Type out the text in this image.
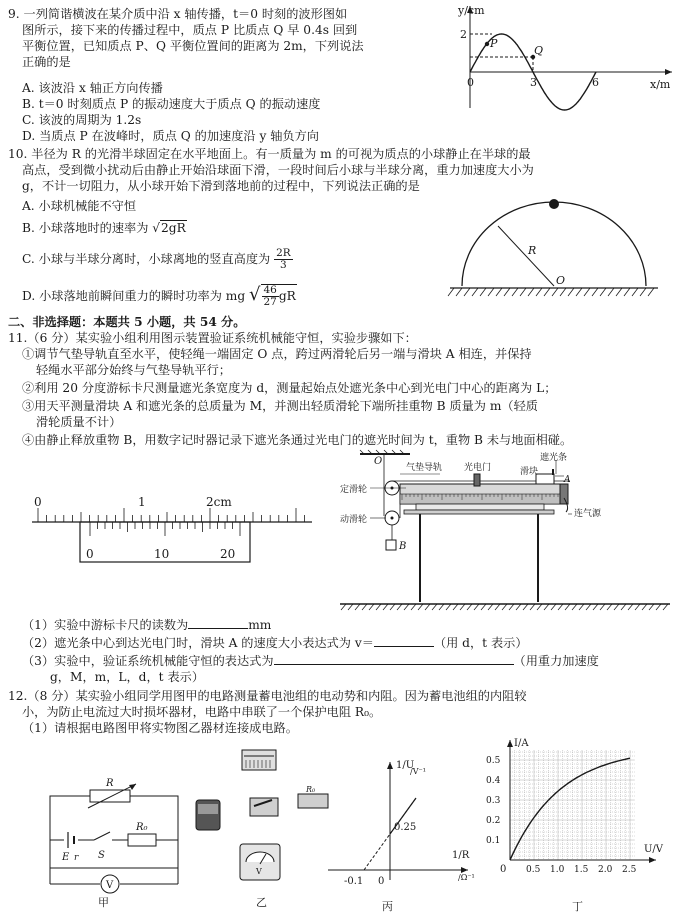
9. 一列简谐横波在某介质中沿 x 轴传播，t＝0 时刻的波形图如
图所示，接下来的传播过程中，质点 P 比质点 Q 早 0.4s 回到
平衡位置，已知质点 P、Q 平衡位置间的距离为 2m，下列说法
正确的是
A. 该波沿 x 轴正方向传播
B. t＝0 时刻质点 P 的振动速度大于质点 Q 的振动速度
C. 该波的周期为 1.2s
D. 当质点 P 在波峰时，质点 Q 的加速度沿 y 轴负方向
y/cm
x/m
2
0	3	6
P
Q
10. 半径为 R 的光滑半球固定在水平地面上。有一质量为 m 的可视为质点的小球静止在半球的最
高点，受到微小扰动后由静止开始沿球面下滑，一段时间后小球与半球分离，重力加速度大小为
g，不计一切阻力，从小球开始下滑到落地前的过程中，下列说法正确的是
A. 小球机械能不守恒
B. 小球落地时的速率为 √2gR
C. 小球与半球分离时，小球离地的竖直高度为 $\frac{2R}{3}$
D. 小球落地前瞬间重力的瞬时功率为 mg √ $\frac{46}{27}$ gR
R
O
二、非选择题：本题共 5 小题，共 54 分。
11.（6 分）某实验小组利用图示装置验证系统机械能守恒，实验步骤如下：
①调节气垫导轨直至水平，使轻绳一端固定 O 点，跨过两滑轮后另一端与滑块 A 相连，并保持
轻绳水平部分始终与气垫导轨平行；
②利用 20 分度游标卡尺测量遮光条宽度为 d，测量起始点处遮光条中心到光电门中心的距离为 L；
③用天平测量滑块 A 和遮光条的总质量为 M，并测出轻质滑轮下端所挂重物 B 质量为 m（轻质
滑轮质量不计）
④由静止释放重物 B，用数字记时器记录下遮光条通过光电门的遮光时间为 t，重物 B 未与地面相碰。
0	1	2cm
0	10	20
O
B
定滑轮
气垫导轨 光电门
遮光条
滑块
A
动滑轮
连气源
（1）实验中游标卡尺的读数为	mm
（2）遮光条中心到达光电门时，滑块 A 的速度大小表达式为 v＝	（用 d，t 表示）
（3）实验中，验证系统机械能守恒的表达式为	（用重力加速度
g，M，m，L，d，t 表示）
12.（8 分）某实验小组同学用图甲的电路测量蓄电池组的电动势和内阻。因为蓄电池组的内阻较
小，为防止电流过大时损坏器材，电路中串联了一个保护电阻 R₀。
（1）请根据电路图甲将实物图乙器材连接成电路。
R
E r S
R₀
V
甲
R₀
V
乙
1/U
/V⁻¹
1/R
/Ω⁻¹
0.25
-0.1 0
丙
I/A
U/V
0
0.1
0.2
0.3
0.4
0.5
0.5 1.0 1.5 2.0 2.5
丁
